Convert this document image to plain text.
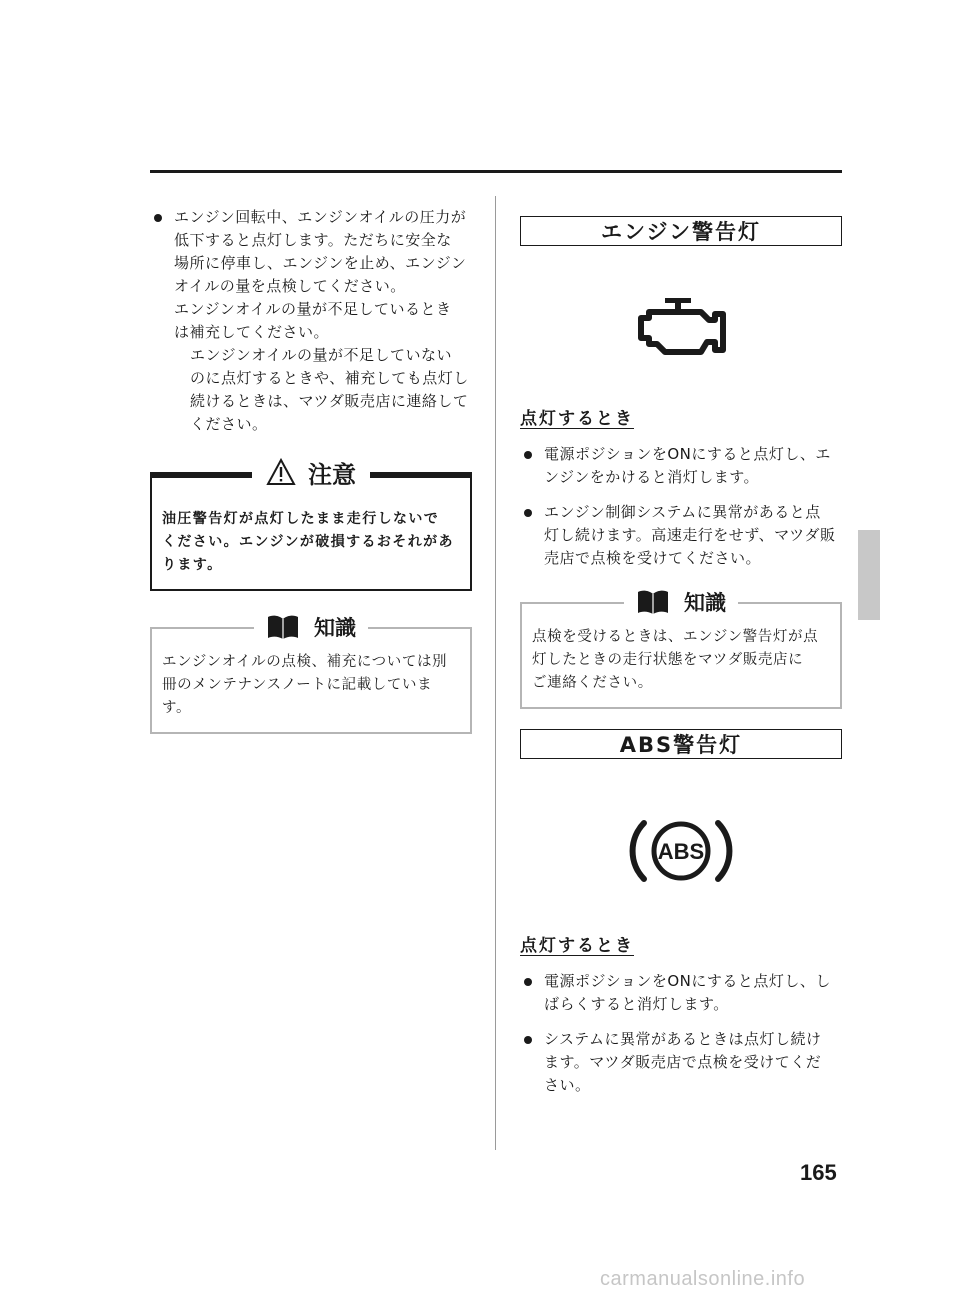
エンジン回転中、エンジンオイルの圧力が
低下すると点灯します。ただちに安全な
場所に停車し、エンジンを止め、エンジン
オイルの量を点検してください。
エンジンオイルの量が不足しているとき
は補充してください。
エンジンオイルの量が不足していない
のに点灯するときや、補充しても点灯し
続けるときは、マツダ販売店に連絡して
ください。
注意
油圧警告灯が点灯したまま走行しないで
ください。エンジンが破損するおそれがあ
ります。
知識
エンジンオイルの点検、補充については別
冊のメンテナンスノートに記載していま
す。
エンジン警告灯
点灯するとき
電源ポジションをONにすると点灯し、エ
ンジンをかけると消灯します。
エンジン制御システムに異常があると点
灯し続けます。高速走行をせず、マツダ販
売店で点検を受けてください。
知識
点検を受けるときは、エンジン警告灯が点
灯したときの走行状態をマツダ販売店に
ご連絡ください。
ABS警告灯
ABS
点灯するとき
電源ポジションをONにすると点灯し、し
ばらくすると消灯します。
システムに異常があるときは点灯し続け
ます。マツダ販売店で点検を受けてくだ
さい。
165
carmanualsonline.info
